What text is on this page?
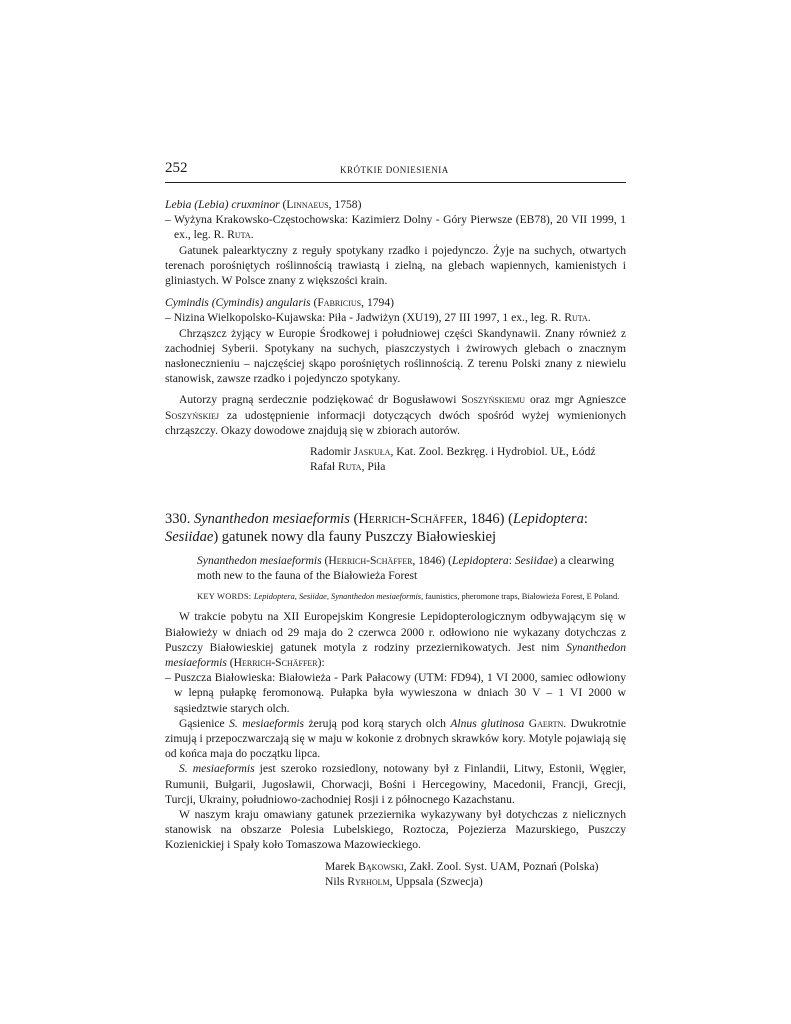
252	KRÓTKIE DONIESIENIA

Lebia (Lebia) cruxminor (Linnaeus, 1758)

– Wyżyna Krakowsko-Częstochowska: Kazimierz Dolny - Góry Pierwsze (EB78), 20 VII 1999, 1 ex., leg. R. Ruta.

Gatunek palearktyczny z reguły spotykany rzadko i pojedynczo. Żyje na suchych, otwartych terenach porośniętych roślinnością trawiastą i zielną, na glebach wapiennych, kamienistych i gliniastych. W Polsce znany z większości krain.

Cymindis (Cymindis) angularis (Fabricius, 1794)

– Nizina Wielkopolsko-Kujawska: Piła - Jadwiżyn (XU19), 27 III 1997, 1 ex., leg. R. Ruta.

Chrząszcz żyjący w Europie Środkowej i południowej części Skandynawii. Znany również z zachodniej Syberii. Spotykany na suchych, piaszczystych i żwirowych glebach o znacznym nasłonecznieniu – najczęściej skąpo porośniętych roślinnością. Z terenu Polski znany z niewielu stanowisk, zawsze rzadko i pojedynczo spotykany.

Autorzy pragną serdecznie podziękować dr Bogusławowi Soszyńskiemu oraz mgr Agnieszce Soszyńskiej za udostępnienie informacji dotyczących dwóch spośród wyżej wymienionych chrząszczy. Okazy dowodowe znajdują się w zbiorach autorów.

Radomir Jaskuła, Kat. Zool. Bezkręg. i Hydrobiol. UŁ, Łódź

Rafał Ruta, Piła

330. Synanthedon mesiaeformis (Herrich-Schäffer, 1846) (Lepidoptera: Sesiidae) gatunek nowy dla fauny Puszczy Białowieskiej

Synanthedon mesiaeformis (Herrich-Schäffer, 1846) (Lepidoptera: Sesiidae) a clearwing moth new to the fauna of the Białowieża Forest

KEY WORDS: Lepidoptera, Sesiidae, Synanthedon mesiaeformis, faunistics, pheromone traps, Białowieża Forest, E Poland.

W trakcie pobytu na XII Europejskim Kongresie Lepidopterologicznym odbywającym się w Białowieży w dniach od 29 maja do 2 czerwca 2000 r. odłowiono nie wykazany dotychczas z Puszczy Białowieskiej gatunek motyla z rodziny przeziernikowatych. Jest nim Synanthedon mesiaeformis (Herrich-Schäffer):

– Puszcza Białowieska: Białowieża - Park Pałacowy (UTM: FD94), 1 VI 2000, samiec odłowiony w lepną pułapkę feromonową. Pułapka była wywieszona w dniach 30 V – 1 VI 2000 w sąsiedztwie starych olch.

Gąsienice S. mesiaeformis żerują pod korą starych olch Alnus glutinosa Gaertn. Dwukrotnie zimują i przepoczwarczają się w maju w kokonie z drobnych skrawków kory. Motyle pojawiają się od końca maja do początku lipca.

S. mesiaeformis jest szeroko rozsiedlony, notowany był z Finlandii, Litwy, Estonii, Węgier, Rumunii, Bułgarii, Jugosławii, Chorwacji, Bośni i Hercegowiny, Macedonii, Francji, Grecji, Turcji, Ukrainy, południowo-zachodniej Rosji i z północnego Kazachstanu.

W naszym kraju omawiany gatunek przeziernika wykazywany był dotychczas z nielicznych stanowisk na obszarze Polesia Lubelskiego, Roztocza, Pojezierza Mazurskiego, Puszczy Kozienickiej i Spały koło Tomaszowa Mazowieckiego.

Marek Bąkowski, Zakł. Zool. Syst. UAM, Poznań (Polska)

Nils Ryrholm, Uppsala (Szwecja)
